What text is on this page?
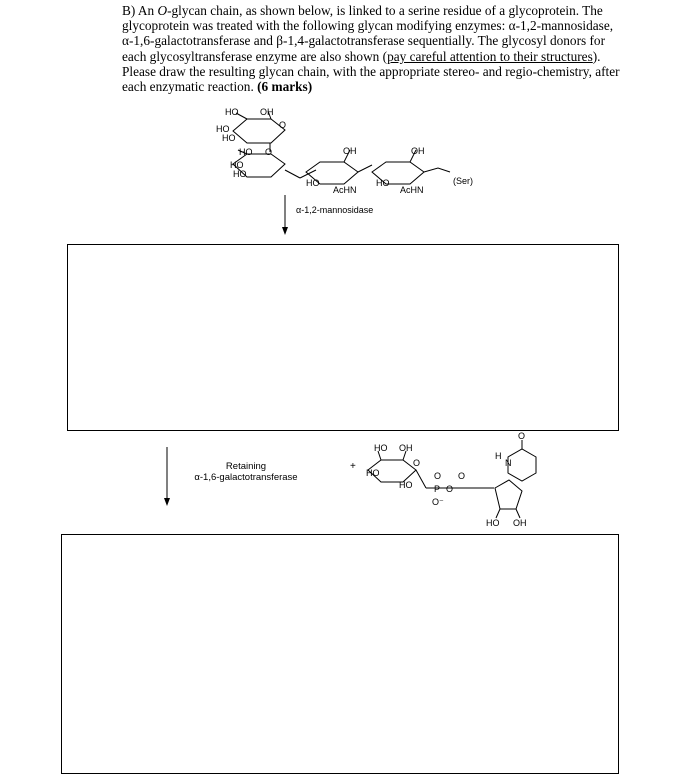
B) An O-glycan chain, as shown below, is linked to a serine residue of a glycoprotein. The glycoprotein was treated with the following glycan modifying enzymes: α-1,2-mannosidase, α-1,6-galactotransferase and β-1,4-galactotransferase sequentially. The glycosyl donors for each glycosyltransferase enzyme are also shown (pay careful attention to their structures). Please draw the resulting glycan chain, with the appropriate stereo- and regio-chemistry, after each enzymatic reaction. (6 marks)

HO OH
HO
HO
O
HO O
HO
HO
OH	OH
HO	HO
AcHN	AcHN
(Ser)
α-1,2-mannosidase
Retaining
α-1,6-galactotransferase
+
HO OH
HO
HO
O
O O
P O
O⁻
H
N
O
HO OH
